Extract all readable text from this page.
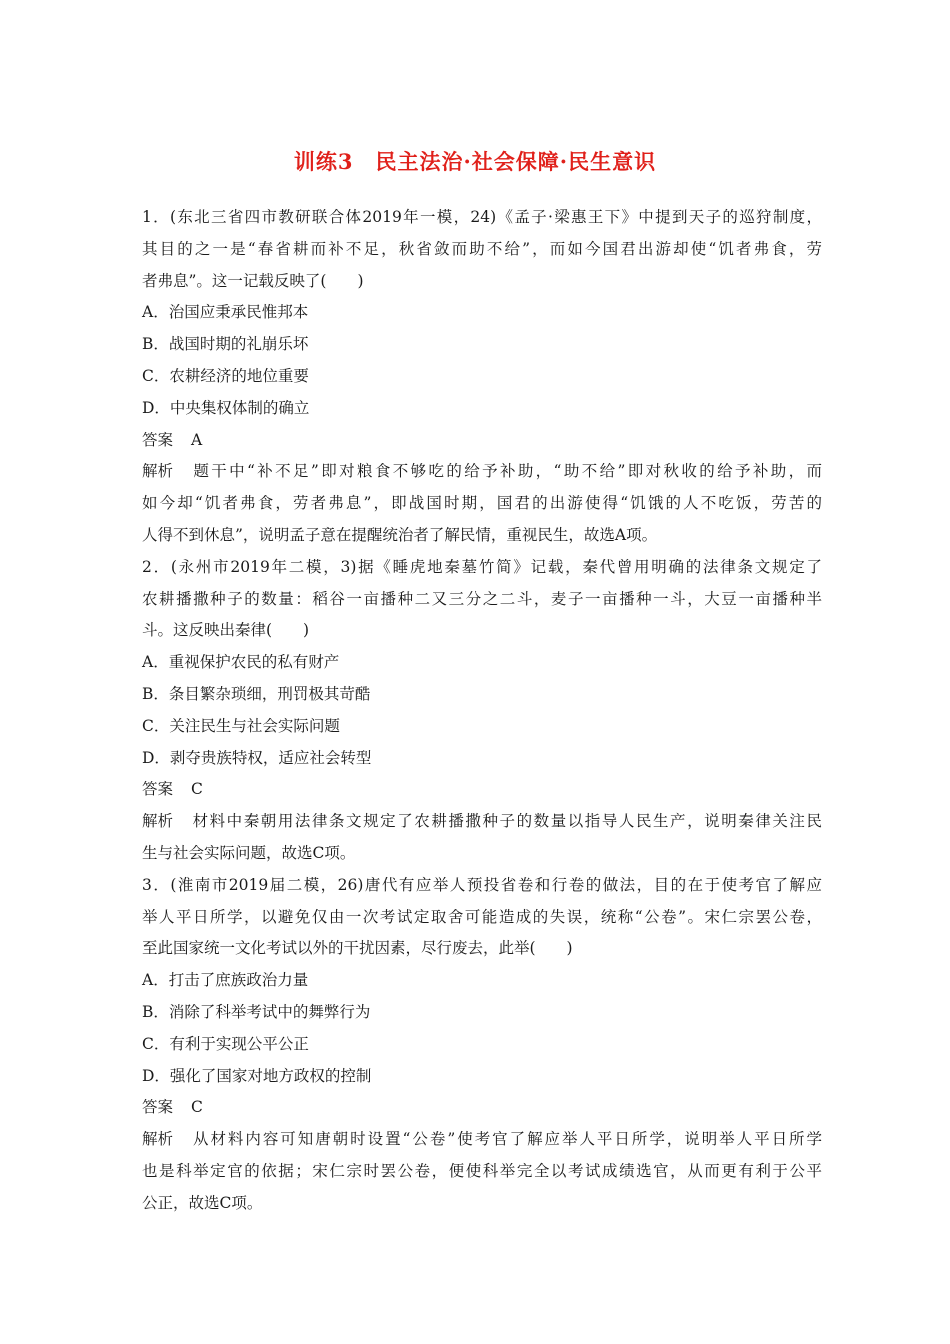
训练3　民主法治·社会保障·民生意识
1．(东北三省四市教研联合体2019年一模，24)《孟子·梁惠王下》中提到天子的巡狩制度，
其目的之一是“春省耕而补不足，秋省敛而助不给”，而如今国君出游却使“饥者弗食，劳
者弗息”。这一记载反映了(　　)
A．治国应秉承民惟邦本
B．战国时期的礼崩乐坏
C．农耕经济的地位重要
D．中央集权体制的确立
答案 A
解析 题干中“补不足”即对粮食不够吃的给予补助，“助不给”即对秋收的给予补助，而
如今却“饥者弗食，劳者弗息”，即战国时期，国君的出游使得“饥饿的人不吃饭，劳苦的
人得不到休息”，说明孟子意在提醒统治者了解民情，重视民生，故选A项。
2．(永州市2019年二模，3)据《睡虎地秦墓竹简》记载，秦代曾用明确的法律条文规定了
农耕播撒种子的数量：稻谷一亩播种二又三分之二斗，麦子一亩播种一斗，大豆一亩播种半
斗。这反映出秦律(　　)
A．重视保护农民的私有财产
B．条目繁杂琐细，刑罚极其苛酷
C．关注民生与社会实际问题
D．剥夺贵族特权，适应社会转型
答案 C
解析 材料中秦朝用法律条文规定了农耕播撒种子的数量以指导人民生产，说明秦律关注民
生与社会实际问题，故选C项。
3．(淮南市2019届二模，26)唐代有应举人预投省卷和行卷的做法，目的在于使考官了解应
举人平日所学，以避免仅由一次考试定取舍可能造成的失误，统称“公卷”。宋仁宗罢公卷，
至此国家统一文化考试以外的干扰因素，尽行废去，此举(　　)
A．打击了庶族政治力量
B．消除了科举考试中的舞弊行为
C．有利于实现公平公正
D．强化了国家对地方政权的控制
答案 C
解析 从材料内容可知唐朝时设置“公卷”使考官了解应举人平日所学，说明举人平日所学
也是科举定官的依据；宋仁宗时罢公卷，便使科举完全以考试成绩选官，从而更有利于公平
公正，故选C项。
